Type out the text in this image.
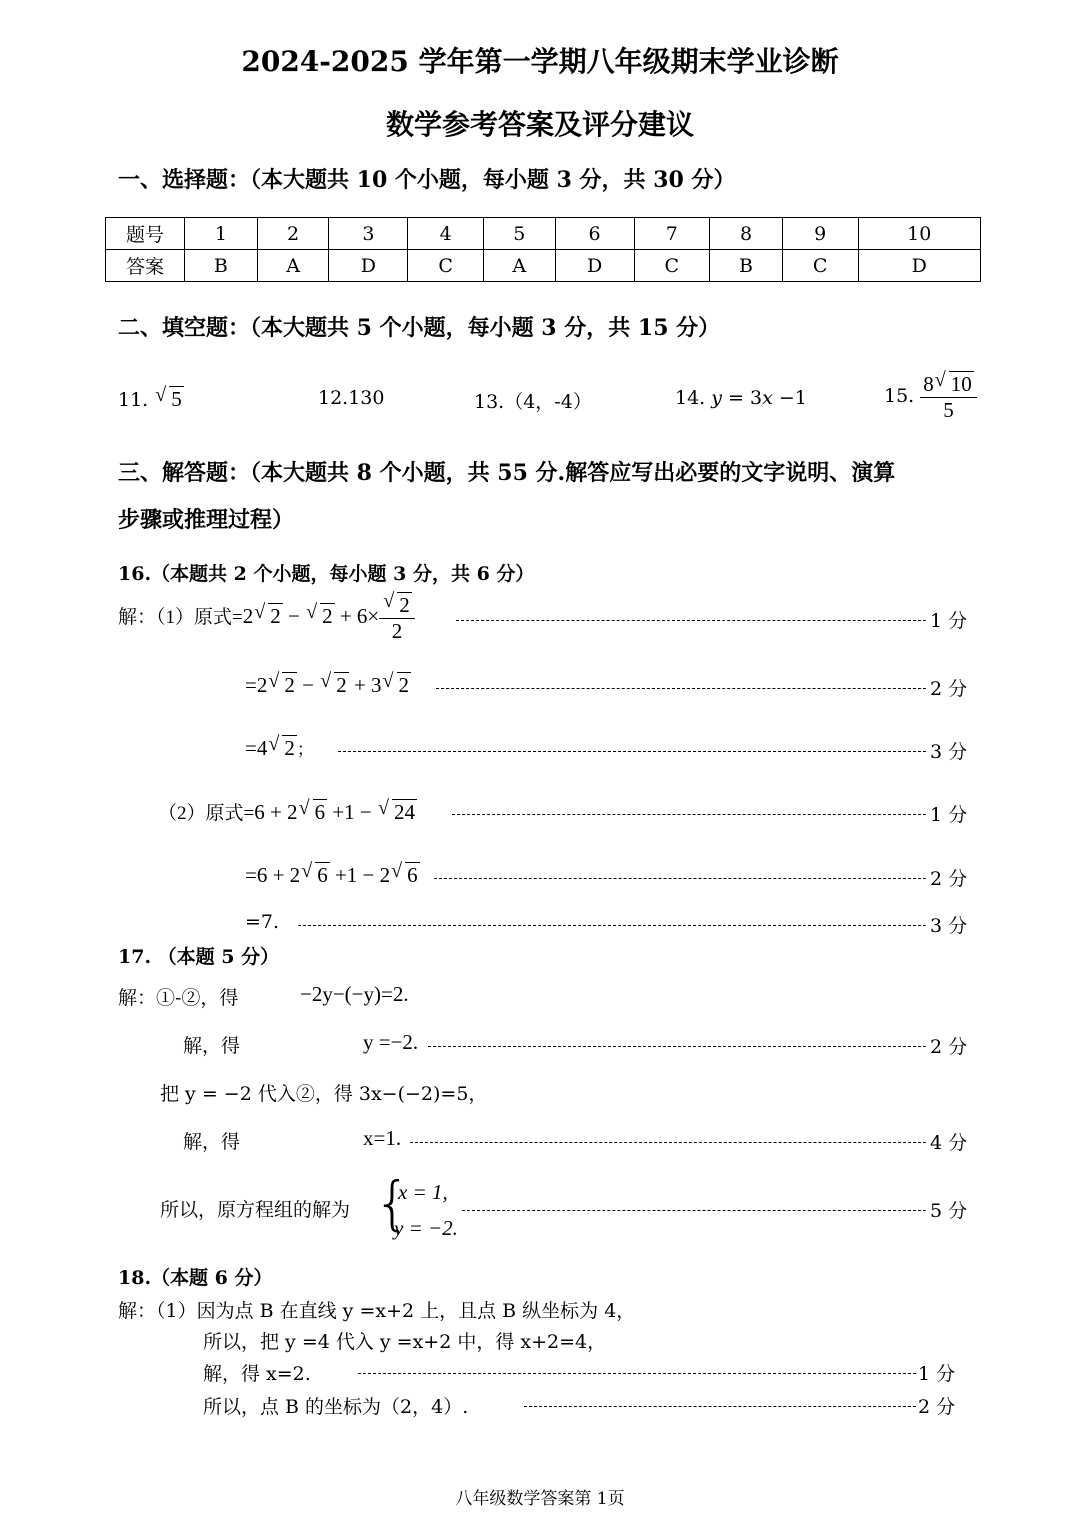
2024-2025 学年第一学期八年级期末学业诊断
数学参考答案及评分建议
一、选择题：（本大题共 10 个小题，每小题 3 分，共 30 分）
题号	1	2	3	4	5	6	7	8	9	10
答案	B	A	D	C	A	D	C	B	C	D
二、填空题：（本大题共 5 个小题，每小题 3 分，共 15 分）
11. √ 5	12.130	13.（4，-4）	14. y = 3x −1	15. $\frac{8 √ 10}{5}$
三、解答题：（本大题共 8 个小题，共 55 分.解答应写出必要的文字说明、演算
步骤或推理过程）
16.（本题共 2 个小题，每小题 3 分，共 6 分）
解：（1）原式=2 √ 2 − √ 2 + 6× √ $\frac{2}{2}$	1 分
=2 √ 2 − √ 2 + 3 √ 2	2 分
=4 √ 2 ；	3 分
（2）原式=6 + 2 √ 6 +1 − √ 24	1 分
=6 + 2 √ 6 +1 − 2 √ 6	2 分
=7.	3 分
17. （本题 5 分）
解：①-②，得	−2y−(−y)=2.
解，得	y =−2.	2 分
把 y = −2 代入②，得 3x−(−2)=5，
解，得	x=1.	4 分
所以，原方程组的解为 {
x = 1,
y = −2.
5 分
18.（本题 6 分）
解：（1）因为点 B 在直线 y =x+2 上，且点 B 纵坐标为 4，
所以，把 y =4 代入 y =x+2 中，得 x+2=4，
解，得 x=2.	1 分
所以，点 B 的坐标为（2，4）.	2 分
八年级数学答案第 1页
